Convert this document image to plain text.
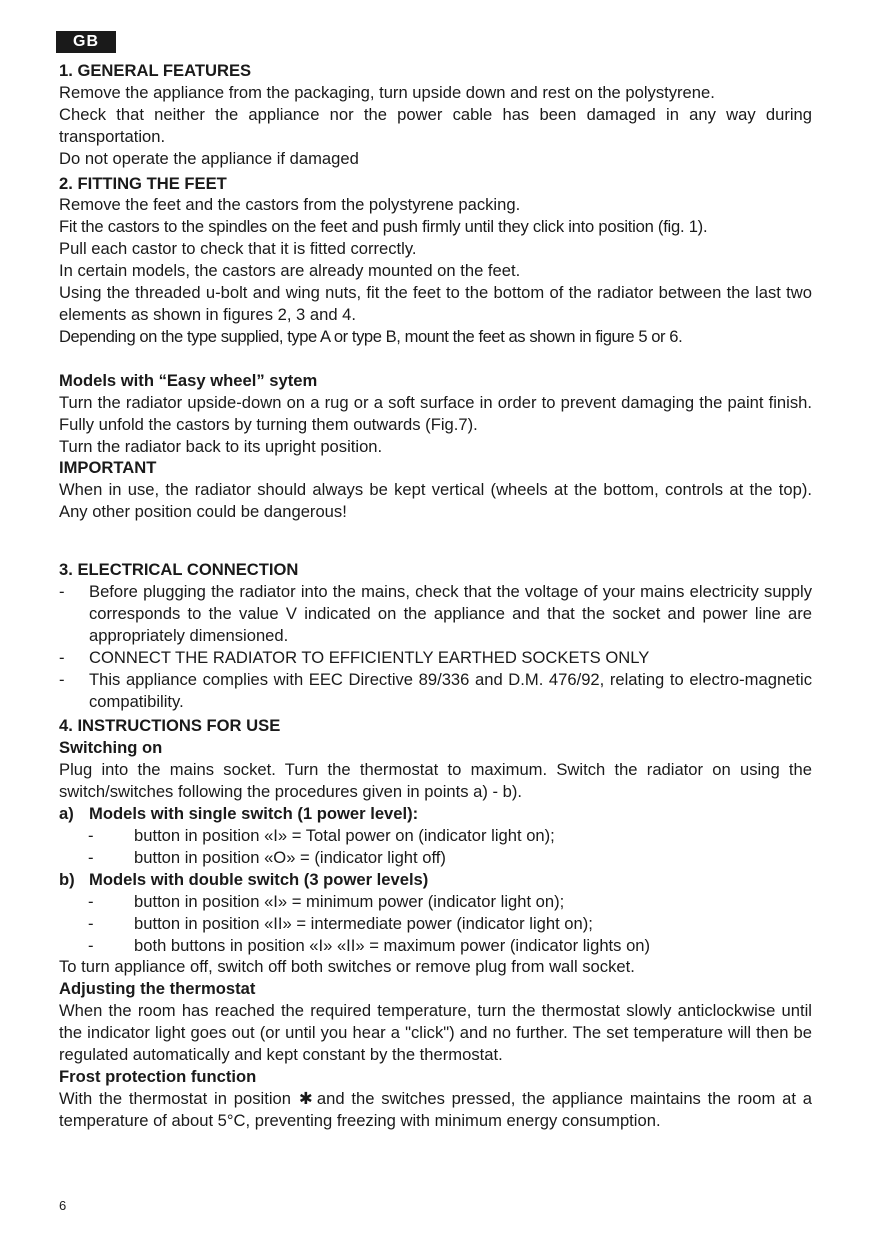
GB
1. GENERAL FEATURES

Remove the appliance from the packaging, turn upside down and rest on the polystyrene.

Check that neither the appliance nor the power cable has been damaged in any way during transportation.

Do not operate the appliance if damaged

2. FITTING THE FEET

Remove the feet and the castors from the polystyrene packing.

Fit the castors to the spindles on the feet and push firmly until they click into position (fig. 1).

Pull each castor to check that it is fitted correctly.

In certain models, the castors are already mounted on the feet.

Using the threaded u-bolt and wing nuts, fit the feet to the bottom of the radiator between the last two elements as shown in figures 2, 3 and 4.

Depending on the type supplied, type A or type B, mount the feet as shown in figure 5 or 6.

Models with “Easy wheel” sytem

Turn the radiator upside-down on a rug or a soft surface in order to prevent damaging the paint finish. Fully unfold the castors by turning them outwards (Fig.7).

Turn the radiator back to its upright position.

IMPORTANT

When in use, the radiator should always be kept vertical (wheels at the bottom, controls at the top). Any other position could be dangerous!

3. ELECTRICAL CONNECTION
- Before plugging the radiator into the mains, check that the voltage of your mains electricity supply corresponds to the value V indicated on the appliance and that the socket and power line are appropriately dimensioned.
- CONNECT THE RADIATOR TO EFFICIENTLY EARTHED SOCKETS ONLY
- This appliance complies with EEC Directive 89/336 and D.M. 476/92, relating to electro-magnetic compatibility.
4. INSTRUCTIONS FOR USE
Switching on

Plug into the mains socket. Turn the thermostat to maximum. Switch the radiator on using the switch/switches following the procedures given in points a) - b).

a) Models with single switch (1 power level):
- button in position «I» = Total power on (indicator light on);
- button in position «O» = (indicator light off)
b) Models with double switch (3 power levels)
- button in position «I» = minimum power (indicator light on);
- button in position «II» = intermediate power (indicator light on);
- both buttons in position «I» «II» = maximum power (indicator lights on)

To turn appliance off, switch off both switches or remove plug from wall socket.

Adjusting the thermostat

When the room has reached the required temperature, turn the thermostat slowly anticlockwise until the indicator light goes out (or until you hear a "click") and no further. The set temperature will then be regulated automatically and kept constant by the thermostat.

Frost protection function

With the thermostat in position ✱ and the switches pressed, the appliance maintains the room at a temperature of about 5°C, preventing freezing with minimum energy consumption.

6
